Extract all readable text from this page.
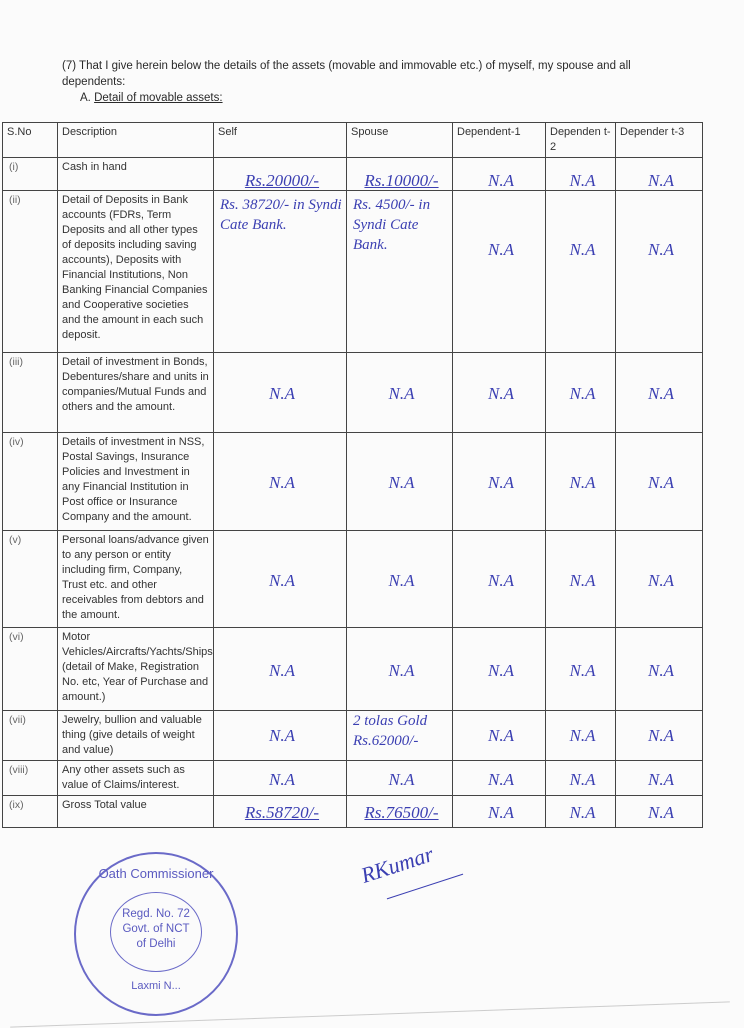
(7) That I give herein below the details of the assets (movable and immovable etc.) of myself, my spouse and all dependents:
A. Detail of movable assets:
S.No	Description	Self	Spouse	Dependent-1	Dependen t-2	Depender t-3
(i)	Cash in hand	Rs.20000/-	Rs.10000/-	N.A	N.A	N.A

(ii)	Detail of Deposits in Bank accounts (FDRs, Term Deposits and all other types of deposits including saving accounts), Deposits with Financial Institutions, Non Banking Financial Companies and Cooperative societies and the amount in each such deposit.	Rs. 38720/- in Syndi Cate Bank.	Rs. 4500/- in Syndi Cate Bank.	N.A	N.A	N.A

(iii)	Detail of investment in Bonds, Debentures/share and units in companies/Mutual Funds and others and the amount.	N.A	N.A	N.A	N.A	N.A

(iv)	Details of investment in NSS, Postal Savings, Insurance Policies and Investment in any Financial Institution in Post office or Insurance Company and the amount.	N.A	N.A	N.A	N.A	N.A

(v)	Personal loans/advance given to any person or entity including firm, Company, Trust etc. and other receivables from debtors and the amount.	N.A	N.A	N.A	N.A	N.A

(vi)	Motor Vehicles/Aircrafts/Yachts/Ships (detail of Make, Registration No. etc, Year of Purchase and amount.)	N.A	N.A	N.A	N.A	N.A

(vii)	Jewelry, bullion and valuable thing (give details of weight and value)	N.A	2 tolas Gold Rs.62000/-	N.A	N.A	N.A

(viii)	Any other assets such as value of Claims/interest.	N.A	N.A	N.A	N.A	N.A

(ix)	Gross Total value	Rs.58720/-	Rs.76500/-	N.A	N.A	N.A
Oath Commissioner
Regd. No. 72
Govt. of NCT
of Delhi
Laxmi N...
RKumar
